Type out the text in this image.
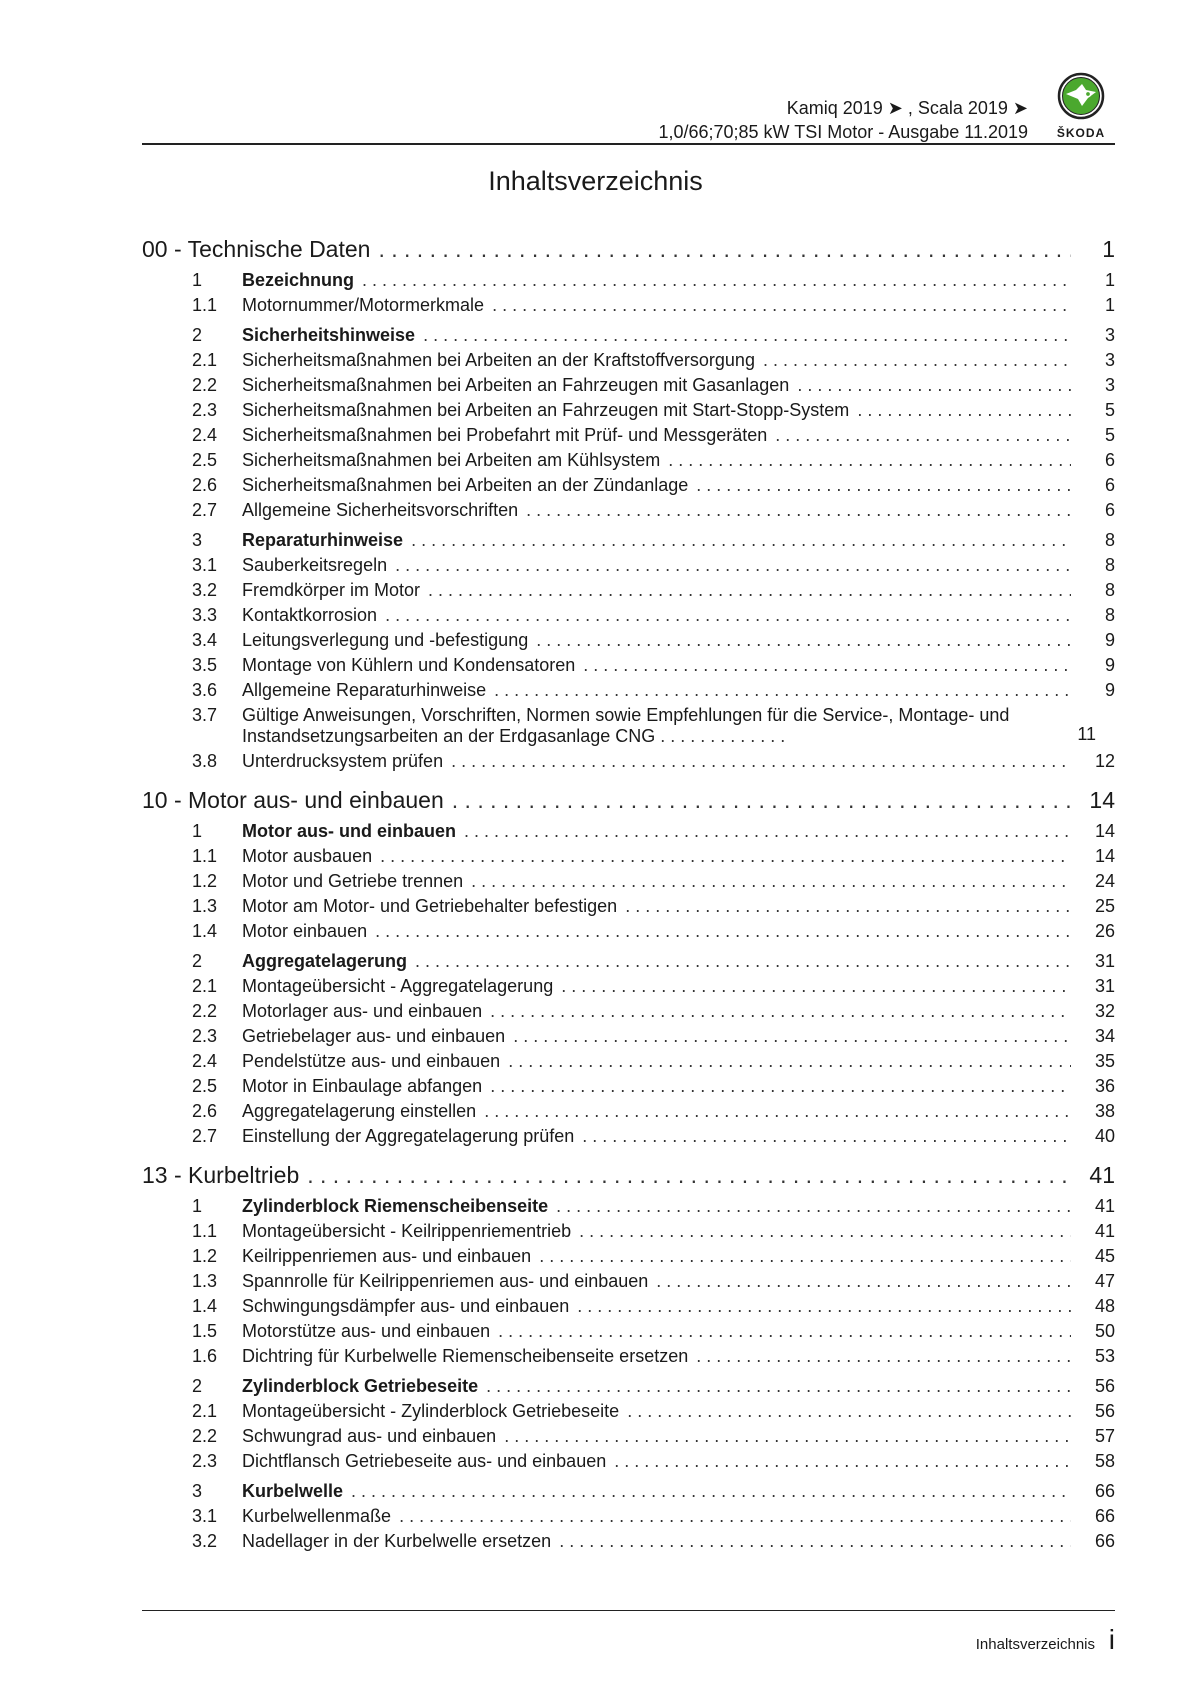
Kamiq 2019 ➤ , Scala 2019 ➤
1,0/66;70;85 kW TSI Motor - Ausgabe 11.2019	ŠKODA
Inhaltsverzeichnis
00 - Technische Daten . . .	1
1	Bezeichnung . . .	1
1.1	Motornummer/Motormerkmale . . .	1
2	Sicherheitshinweise . . .	3
2.1	Sicherheitsmaßnahmen bei Arbeiten an der Kraftstoffversorgung . . .	3
2.2	Sicherheitsmaßnahmen bei Arbeiten an Fahrzeugen mit Gasanlagen . . .	3
2.3	Sicherheitsmaßnahmen bei Arbeiten an Fahrzeugen mit Start-Stopp-System . . .	5
2.4	Sicherheitsmaßnahmen bei Probefahrt mit Prüf- und Messgeräten . . .	5
2.5	Sicherheitsmaßnahmen bei Arbeiten am Kühlsystem . . .	6
2.6	Sicherheitsmaßnahmen bei Arbeiten an der Zündanlage . . .	6
2.7	Allgemeine Sicherheitsvorschriften . . .	6
3	Reparaturhinweise . . .	8
3.1	Sauberkeitsregeln . . .	8
3.2	Fremdkörper im Motor . . .	8
3.3	Kontaktkorrosion . . .	8
3.4	Leitungsverlegung und -befestigung . . .	9
3.5	Montage von Kühlern und Kondensatoren . . .	9
3.6	Allgemeine Reparaturhinweise . . .	9
3.7	Gültige Anweisungen, Vorschriften, Normen sowie Empfehlungen für die Service-, Montage- und Instandsetzungsarbeiten an der Erdgasanlage CNG . . . . . . . . . . . . .	11
3.8	Unterdrucksystem prüfen . . .	12
10 - Motor aus- und einbauen . . .	14
1	Motor aus- und einbauen . . .	14
1.1	Motor ausbauen . . .	14
1.2	Motor und Getriebe trennen . . .	24
1.3	Motor am Motor- und Getriebehalter befestigen . . .	25
1.4	Motor einbauen . . .	26
2	Aggregatelagerung . . .	31
2.1	Montageübersicht - Aggregatelagerung . . .	31
2.2	Motorlager aus- und einbauen . . .	32
2.3	Getriebelager aus- und einbauen . . .	34
2.4	Pendelstütze aus- und einbauen . . .	35
2.5	Motor in Einbaulage abfangen . . .	36
2.6	Aggregatelagerung einstellen . . .	38
2.7	Einstellung der Aggregatelagerung prüfen . . .	40
13 - Kurbeltrieb . . .	41
1	Zylinderblock Riemenscheibenseite . . .	41
1.1	Montageübersicht - Keilrippenriementrieb . . .	41
1.2	Keilrippenriemen aus- und einbauen . . .	45
1.3	Spannrolle für Keilrippenriemen aus- und einbauen . . .	47
1.4	Schwingungsdämpfer aus- und einbauen . . .	48
1.5	Motorstütze aus- und einbauen . . .	50
1.6	Dichtring für Kurbelwelle Riemenscheibenseite ersetzen . . .	53
2	Zylinderblock Getriebeseite . . .	56
2.1	Montageübersicht - Zylinderblock Getriebeseite . . .	56
2.2	Schwungrad aus- und einbauen . . .	57
2.3	Dichtflansch Getriebeseite aus- und einbauen . . .	58
3	Kurbelwelle . . .	66
3.1	Kurbelwellenmaße . . .	66
3.2	Nadellager in der Kurbelwelle ersetzen . . .	66
Inhaltsverzeichnis i
